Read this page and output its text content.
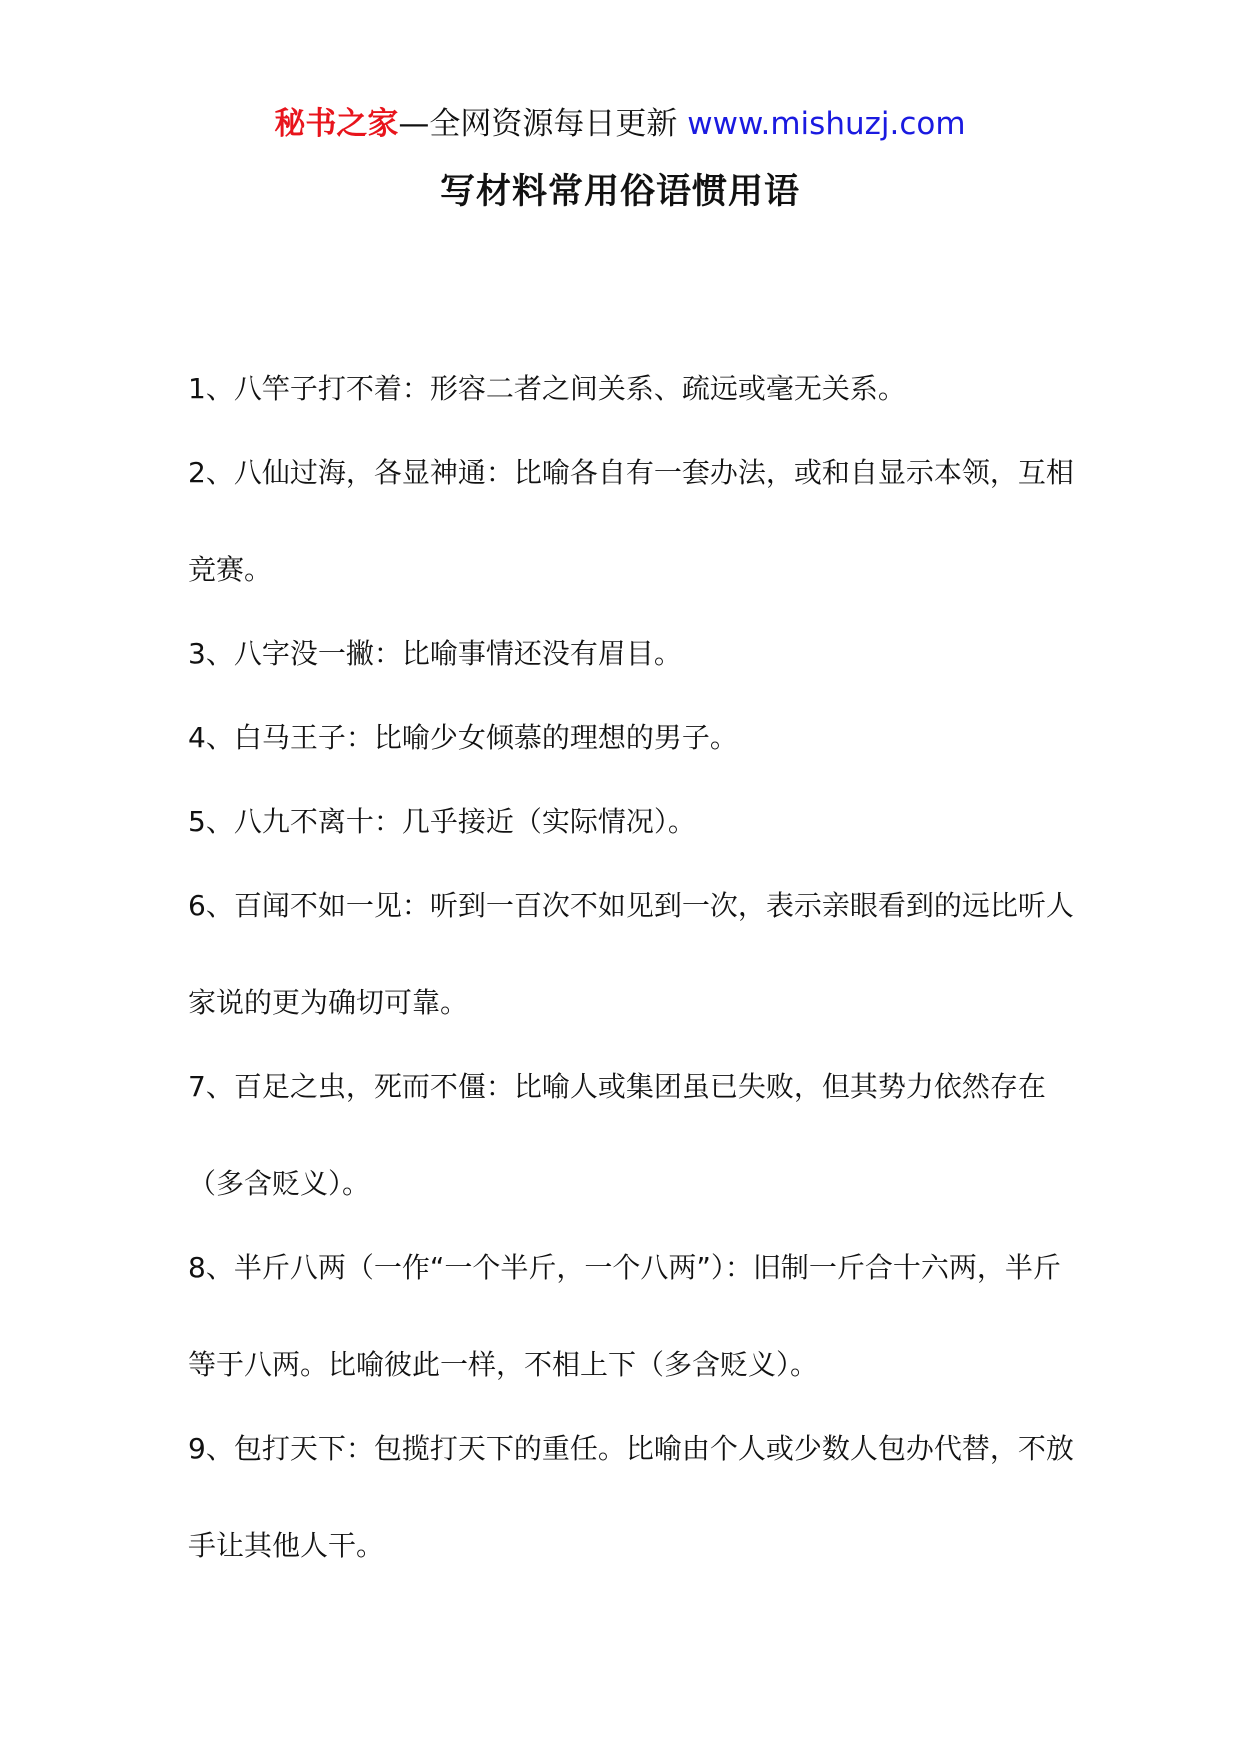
秘书之家—全网资源每日更新 www.mishuzj.com
写材料常用俗语惯用语
1、八竿子打不着：形容二者之间关系、疏远或毫无关系。
2、八仙过海，各显神通：比喻各自有一套办法，或和自显示本领，互相竞赛。
3、八字没一撇：比喻事情还没有眉目。
4、白马王子：比喻少女倾慕的理想的男子。
5、八九不离十：几乎接近（实际情况）。
6、百闻不如一见：听到一百次不如见到一次，表示亲眼看到的远比听人家说的更为确切可靠。
7、百足之虫，死而不僵：比喻人或集团虽已失败，但其势力依然存在（多含贬义）。
8、半斤八两（一作“一个半斤，一个八两”）：旧制一斤合十六两，半斤等于八两。比喻彼此一样，不相上下（多含贬义）。
9、包打天下：包揽打天下的重任。比喻由个人或少数人包办代替，不放手让其他人干。
